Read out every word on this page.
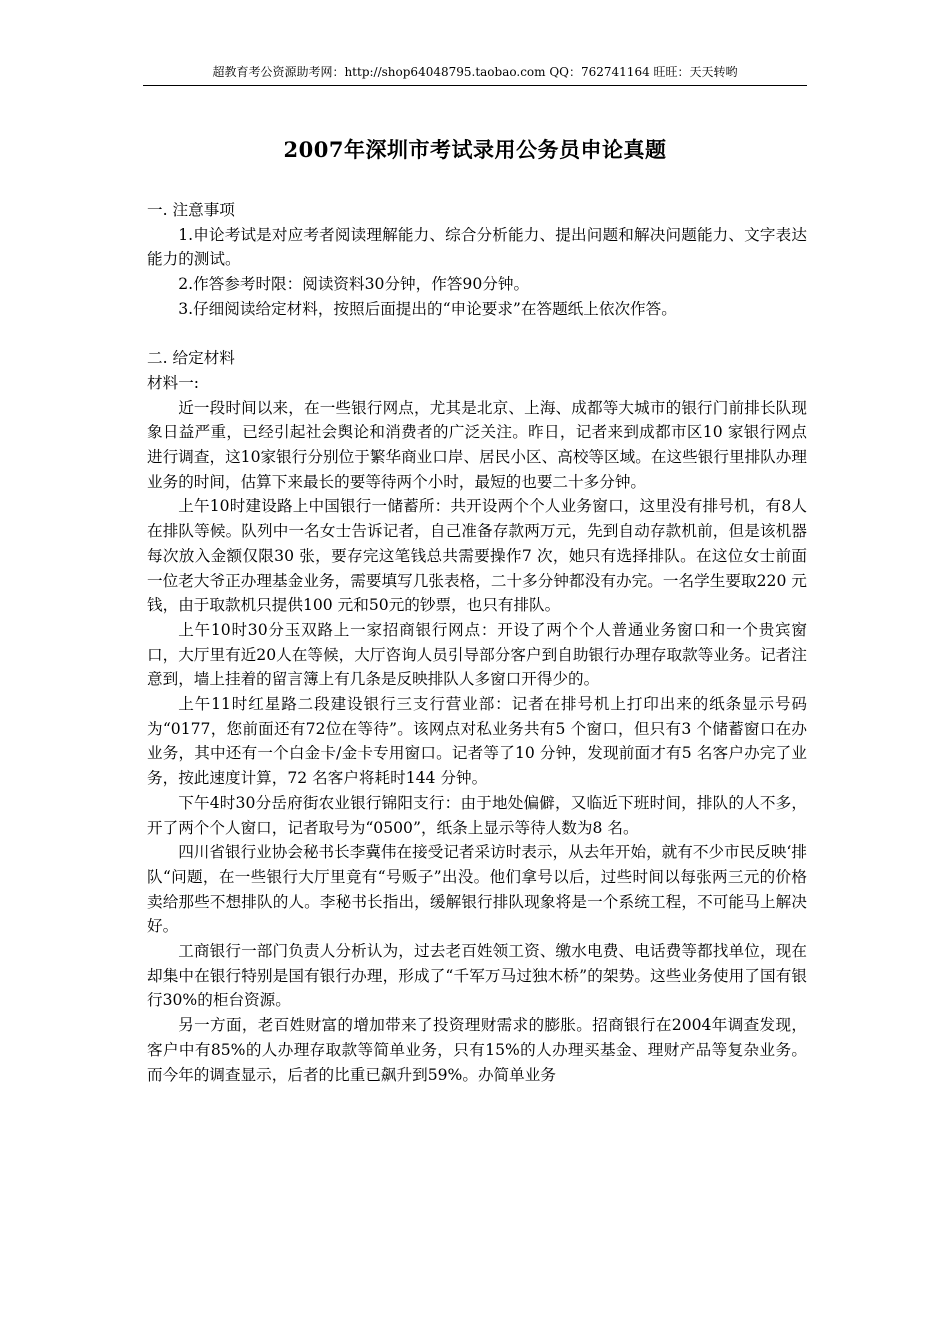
超教育考公资源助考网：http://shop64048795.taobao.com QQ：762741164 旺旺：天天转哟
2007年深圳市考试录用公务员申论真题

一. 注意事项

1.申论考试是对应考者阅读理解能力、综合分析能力、提出问题和解决问题能力、文字表达能力的测试。

2.作答参考时限：阅读资料30分钟，作答90分钟。

3.仔细阅读给定材料，按照后面提出的“申论要求”在答题纸上依次作答。

二. 给定材料

材料一:

近一段时间以来，在一些银行网点，尤其是北京、上海、成都等大城市的银行门前排长队现象日益严重，已经引起社会舆论和消费者的广泛关注。昨日，记者来到成都市区10 家银行网点进行调查，这10家银行分别位于繁华商业口岸、居民小区、高校等区域。在这些银行里排队办理业务的时间，估算下来最长的要等待两个小时，最短的也要二十多分钟。

上午10时建设路上中国银行一储蓄所：共开设两个个人业务窗口，这里没有排号机，有8人在排队等候。队列中一名女士告诉记者，自己准备存款两万元，先到自动存款机前，但是该机器每次放入金额仅限30 张，要存完这笔钱总共需要操作7 次，她只有选择排队。在这位女士前面一位老大爷正办理基金业务，需要填写几张表格，二十多分钟都没有办完。一名学生要取220 元钱，由于取款机只提供100 元和50元的钞票，也只有排队。

上午10时30分玉双路上一家招商银行网点：开设了两个个人普通业务窗口和一个贵宾窗口，大厅里有近20人在等候，大厅咨询人员引导部分客户到自助银行办理存取款等业务。记者注意到，墙上挂着的留言簿上有几条是反映排队人多窗口开得少的。

上午11时红星路二段建设银行三支行营业部：记者在排号机上打印出来的纸条显示号码为“0177，您前面还有72位在等待”。该网点对私业务共有5 个窗口，但只有3 个储蓄窗口在办业务，其中还有一个白金卡/金卡专用窗口。记者等了10 分钟，发现前面才有5 名客户办完了业务，按此速度计算，72 名客户将耗时144 分钟。

下午4时30分岳府街农业银行锦阳支行：由于地处偏僻，又临近下班时间，排队的人不多，开了两个个人窗口，记者取号为“0500”，纸条上显示等待人数为8 名。

四川省银行业协会秘书长李冀伟在接受记者采访时表示，从去年开始，就有不少市民反映‘排队“问题，在一些银行大厅里竟有“号贩子”出没。他们拿号以后，过些时间以每张两三元的价格卖给那些不想排队的人。李秘书长指出，缓解银行排队现象将是一个系统工程，不可能马上解决好。

工商银行一部门负责人分析认为，过去老百姓领工资、缴水电费、电话费等都找单位，现在却集中在银行特别是国有银行办理，形成了“千军万马过独木桥”的架势。这些业务使用了国有银行30%的柜台资源。

另一方面，老百姓财富的增加带来了投资理财需求的膨胀。招商银行在2004年调查发现，客户中有85%的人办理存取款等简单业务，只有15%的人办理买基金、理财产品等复杂业务。而今年的调查显示，后者的比重已飙升到59%。办简单业务
